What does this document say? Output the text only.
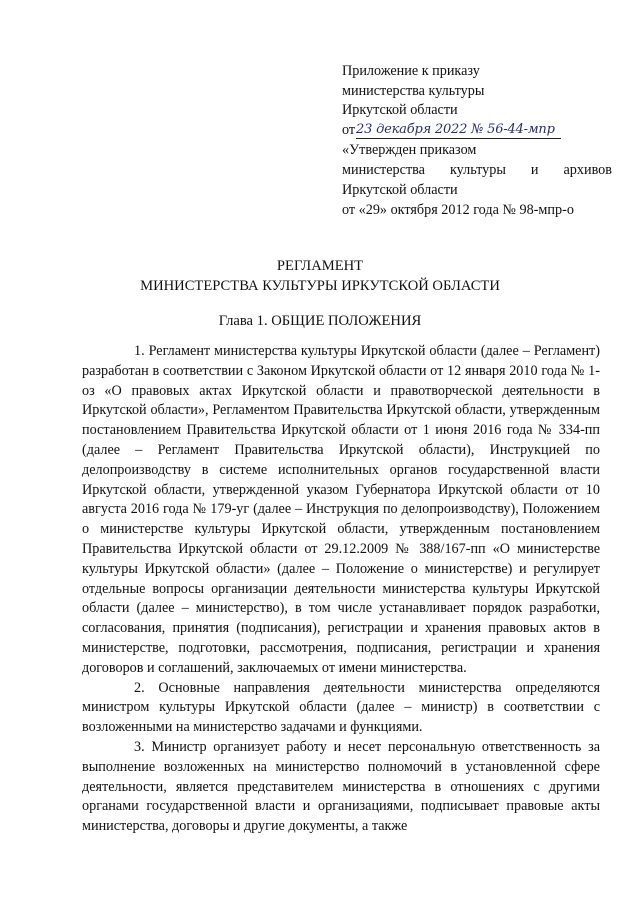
Приложение к приказу
министерства культуры
Иркутской области
от 23 декабря 2022 № 56-44-мпр
«Утвержден приказом
министерства культуры и архивов
Иркутской области
от «29» октября 2012 года № 98-мпр-о
РЕГЛАМЕНТ
МИНИСТЕРСТВА КУЛЬТУРЫ ИРКУТСКОЙ ОБЛАСТИ
Глава 1. ОБЩИЕ ПОЛОЖЕНИЯ

1. Регламент министерства культуры Иркутской области (далее – Регламент) разработан в соответствии с Законом Иркутской области от 12 января 2010 года № 1-оз «О правовых актах Иркутской области и правотворческой деятельности в Иркутской области», Регламентом Правительства Иркутской области, утвержденным постановлением Правительства Иркутской области от 1 июня 2016 года № 334-пп (далее – Регламент Правительства Иркутской области), Инструкцией по делопроизводству в системе исполнительных органов государственной власти Иркутской области, утвержденной указом Губернатора Иркутской области от 10 августа 2016 года № 179-уг (далее – Инструкция по делопроизводству), Положением о министерстве культуры Иркутской области, утвержденным постановлением Правительства Иркутской области от 29.12.2009 № 388/167-пп «О министерстве культуры Иркутской области» (далее – Положение о министерстве) и регулирует отдельные вопросы организации деятельности министерства культуры Иркутской области (далее – министерство), в том числе устанавливает порядок разработки, согласования, принятия (подписания), регистрации и хранения правовых актов в министерстве, подготовки, рассмотрения, подписания, регистрации и хранения договоров и соглашений, заключаемых от имени министерства.

2. Основные направления деятельности министерства определяются министром культуры Иркутской области (далее – министр) в соответствии с возложенными на министерство задачами и функциями.

3. Министр организует работу и несет персональную ответственность за выполнение возложенных на министерство полномочий в установленной сфере деятельности, является представителем министерства в отношениях с другими органами государственной власти и организациями, подписывает правовые акты министерства, договоры и другие документы, а также
